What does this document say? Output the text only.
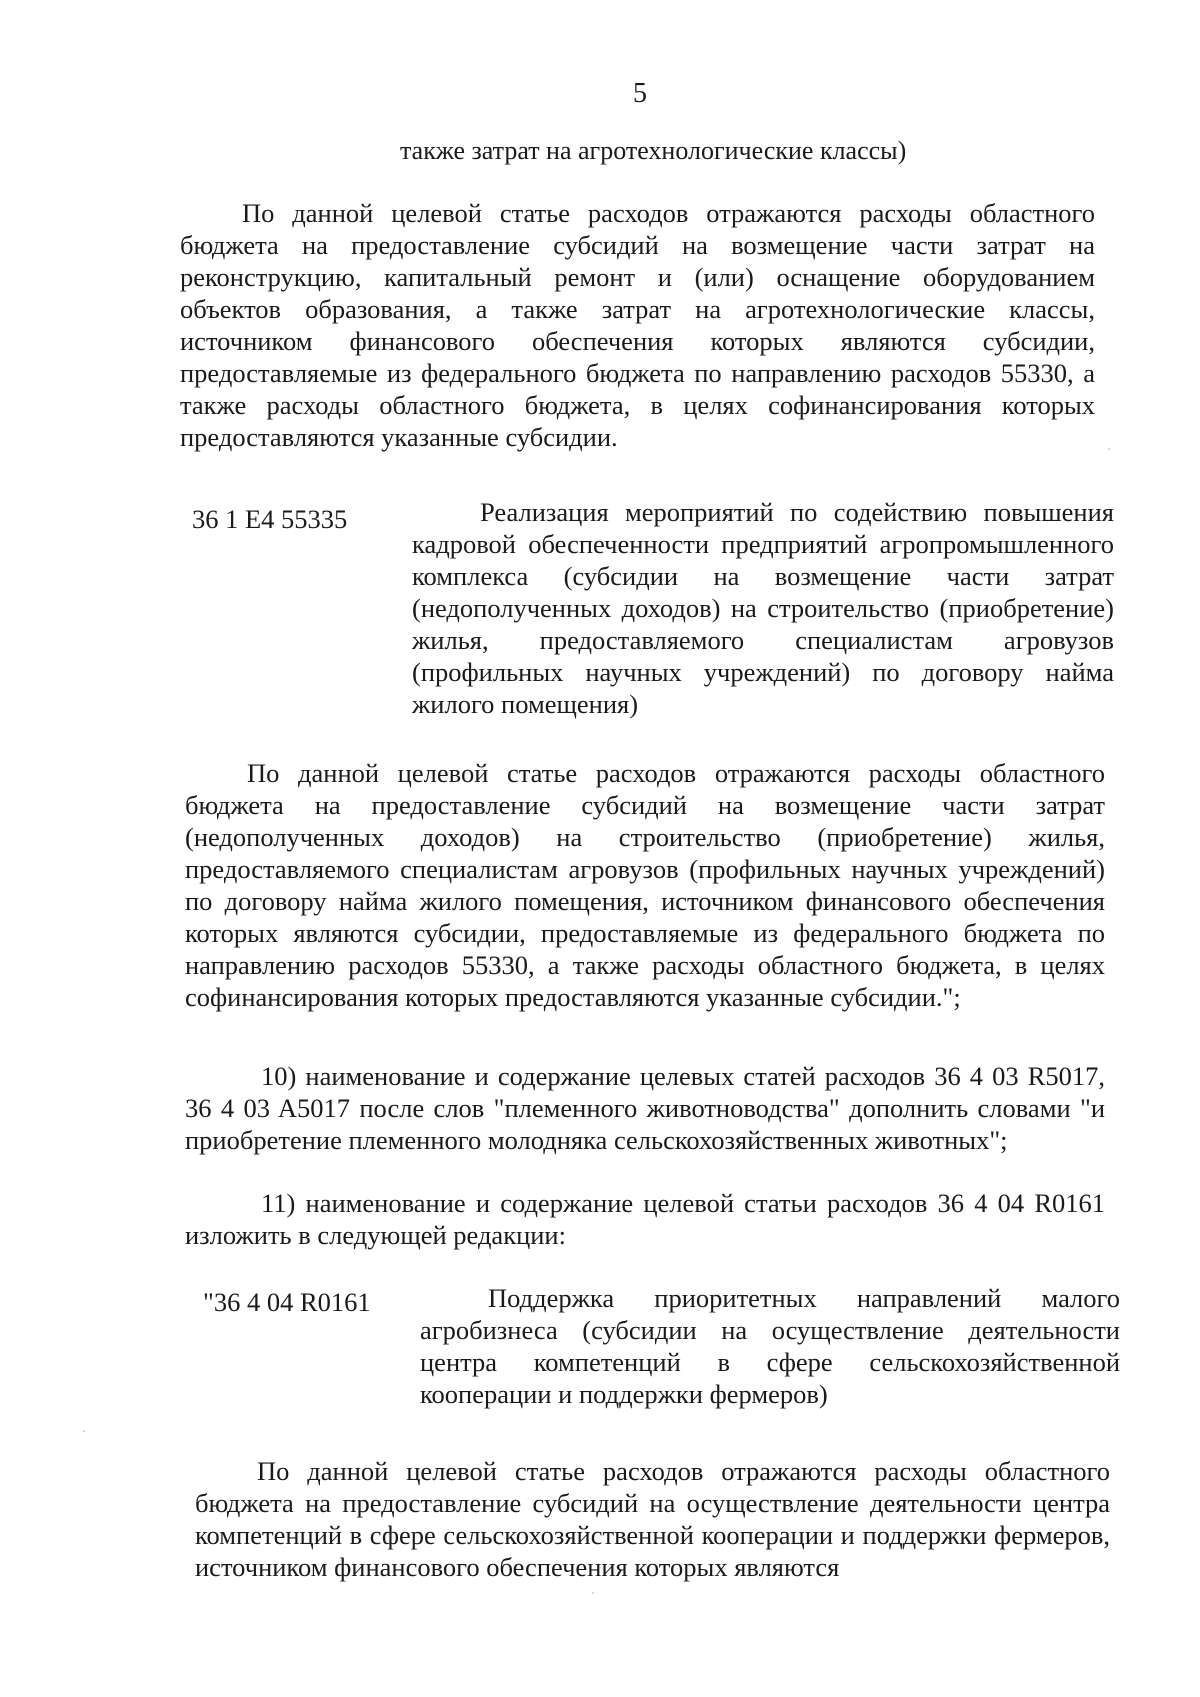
5
также затрат на агротехнологические классы)

По данной целевой статье расходов отражаются расходы областного бюджета на предоставление субсидий на возмещение части затрат на реконструкцию, капитальный ремонт и (или) оснащение оборудованием объектов образования, а также затрат на агротехнологические классы, источником финансового обеспечения которых являются субсидии, предоставляемые из федерального бюджета по направлению расходов 55330, а также расходы областного бюджета, в целях софинансирования которых предоставляются указанные субсидии.

36 1 E4 55335	Реализация мероприятий по содействию повышения кадровой обеспеченности предприятий агропромышленного комплекса (субсидии на возмещение части затрат (недополученных доходов) на строительство (приобретение) жилья, предоставляемого специалистам агровузов (профильных научных учреждений) по договору найма жилого помещения)

По данной целевой статье расходов отражаются расходы областного бюджета на предоставление субсидий на возмещение части затрат (недополученных доходов) на строительство (приобретение) жилья, предоставляемого специалистам агровузов (профильных научных учреждений) по договору найма жилого помещения, источником финансового обеспечения которых являются субсидии, предоставляемые из федерального бюджета по направлению расходов 55330, а также расходы областного бюджета, в целях софинансирования которых предоставляются указанные субсидии.";

10) наименование и содержание целевых статей расходов 36 4 03 R5017, 36 4 03 A5017 после слов "племенного животноводства" дополнить словами "и приобретение племенного молодняка сельскохозяйственных животных";

11) наименование и содержание целевой статьи расходов 36 4 04 R0161 изложить в следующей редакции:

"36 4 04 R0161	Поддержка приоритетных направлений малого агробизнеса (субсидии на осуществление деятельности центра компетенций в сфере сельскохозяйственной кооперации и поддержки фермеров)

По данной целевой статье расходов отражаются расходы областного бюджета на предоставление субсидий на осуществление деятельности центра компетенций в сфере сельскохозяйственной кооперации и поддержки фермеров, источником финансового обеспечения которых являются
